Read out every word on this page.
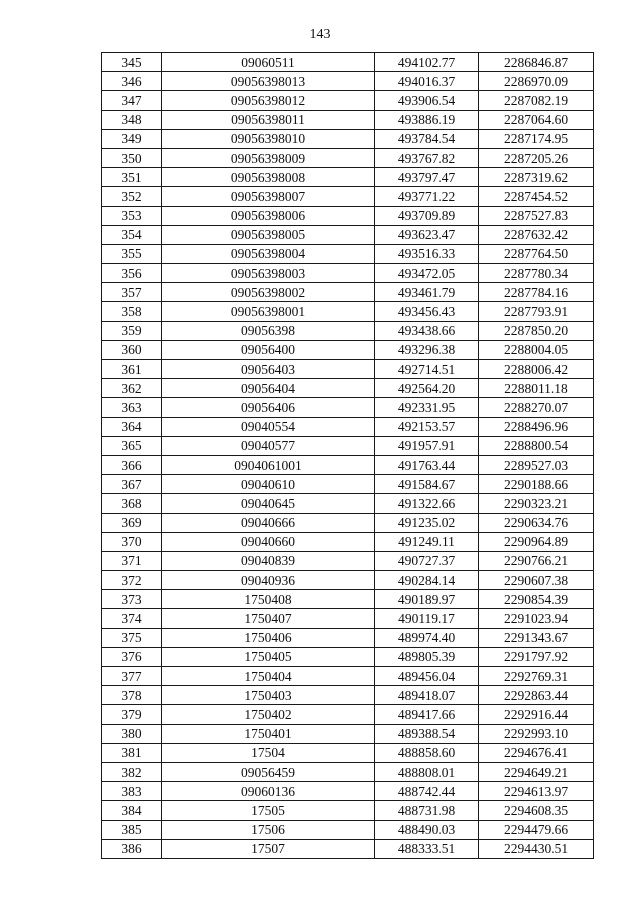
143
345	09060511	494102.77	2286846.87
346	09056398013	494016.37	2286970.09
347	09056398012	493906.54	2287082.19
348	09056398011	493886.19	2287064.60
349	09056398010	493784.54	2287174.95
350	09056398009	493767.82	2287205.26
351	09056398008	493797.47	2287319.62
352	09056398007	493771.22	2287454.52
353	09056398006	493709.89	2287527.83
354	09056398005	493623.47	2287632.42
355	09056398004	493516.33	2287764.50
356	09056398003	493472.05	2287780.34
357	09056398002	493461.79	2287784.16
358	09056398001	493456.43	2287793.91
359	09056398	493438.66	2287850.20
360	09056400	493296.38	2288004.05
361	09056403	492714.51	2288006.42
362	09056404	492564.20	2288011.18
363	09056406	492331.95	2288270.07
364	09040554	492153.57	2288496.96
365	09040577	491957.91	2288800.54
366	0904061001	491763.44	2289527.03
367	09040610	491584.67	2290188.66
368	09040645	491322.66	2290323.21
369	09040666	491235.02	2290634.76
370	09040660	491249.11	2290964.89
371	09040839	490727.37	2290766.21
372	09040936	490284.14	2290607.38
373	1750408	490189.97	2290854.39
374	1750407	490119.17	2291023.94
375	1750406	489974.40	2291343.67
376	1750405	489805.39	2291797.92
377	1750404	489456.04	2292769.31
378	1750403	489418.07	2292863.44
379	1750402	489417.66	2292916.44
380	1750401	489388.54	2292993.10
381	17504	488858.60	2294676.41
382	09056459	488808.01	2294649.21
383	09060136	488742.44	2294613.97
384	17505	488731.98	2294608.35
385	17506	488490.03	2294479.66
386	17507	488333.51	2294430.51
